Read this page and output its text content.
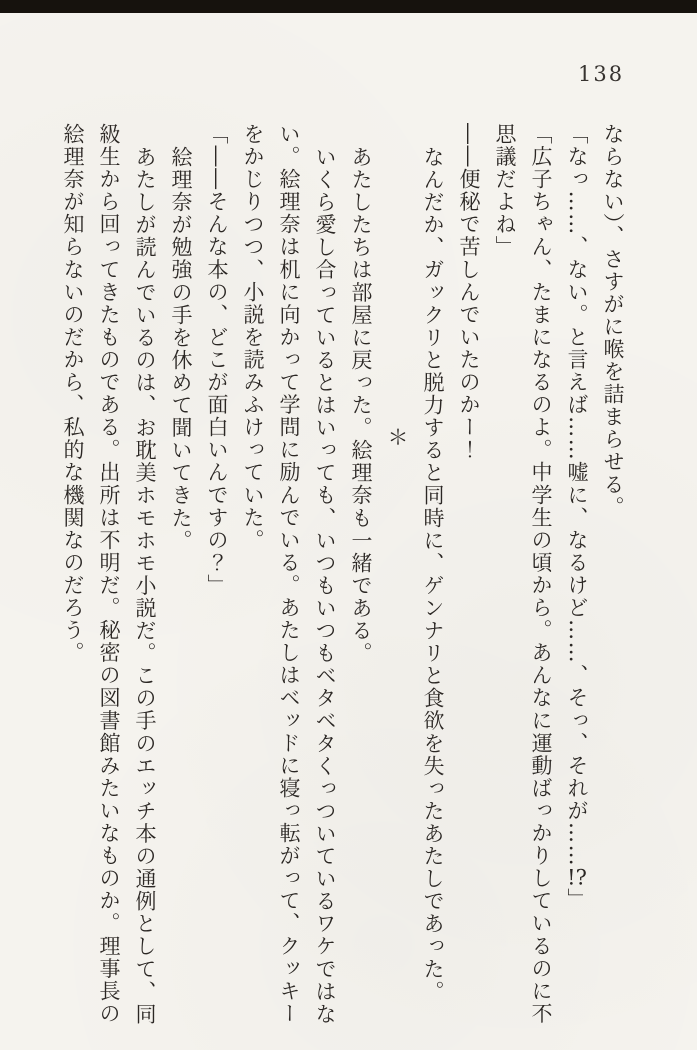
138
ならない）、さすがに喉を詰まらせる。
「なっ……、ない。と言えば……嘘に、なるけど……、そっ、それが……!?」
「広子ちゃん、たまになるのよ。中学生の頃から。あんなに運動ばっかりしているのに不
思議だよね」
――便秘で苦しんでいたのかー！
なんだか、ガックリと脱力すると同時に、ゲンナリと食欲を失ったあたしであった。
＊
あたしたちは部屋に戻った。絵理奈も一緒である。
いくら愛し合っているとはいっても、いつもいつもベタベタくっついているワケではな
い。絵理奈は机に向かって学問に励んでいる。あたしはベッドに寝っ転がって、クッキー
をかじりつつ、小説を読みふけっていた。
「――そんな本の、どこが面白いんですの？」
絵理奈が勉強の手を休めて聞いてきた。
あたしが読んでいるのは、お耽美ホモホモ小説だ。この手のエッチ本の通例として、同
級生から回ってきたものである。出所は不明だ。秘密の図書館みたいなものか。理事長の
絵理奈が知らないのだから、私的な機関なのだろう。
